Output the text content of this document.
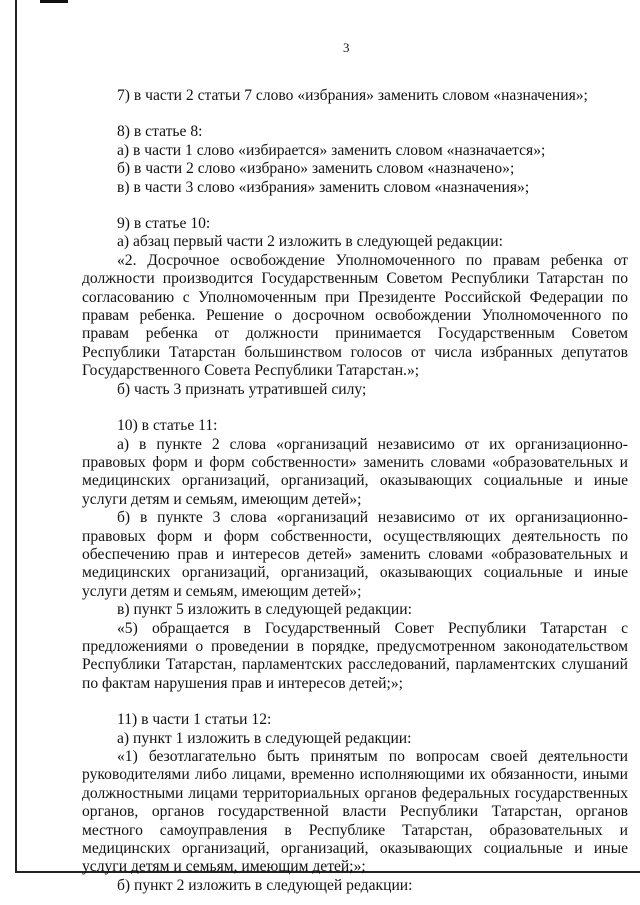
3

7) в части 2 статьи 7 слово «избрания» заменить словом «назначения»;

8) в статье 8:

а) в части 1 слово «избирается» заменить словом «назначается»;

б) в части 2 слово «избрано» заменить словом «назначено»;

в) в части 3 слово «избрания» заменить словом «назначения»;

9) в статье 10:

а) абзац первый части 2 изложить в следующей редакции:

«2. Досрочное освобождение Уполномоченного по правам ребенка от должности производится Государственным Советом Республики Татарстан по согласованию с Уполномоченным при Президенте Российской Федерации по правам ребенка. Решение о досрочном освобождении Уполномоченного по правам ребенка от должности принимается Государственным Советом Республики Татарстан большинством голосов от числа избранных депутатов Государственного Совета Республики Татарстан.»;

б) часть 3 признать утратившей силу;

10) в статье 11:

а) в пункте 2 слова «организаций независимо от их организационно-правовых форм и форм собственности» заменить словами «образовательных и медицинских организаций, организаций, оказывающих социальные и иные услуги детям и семьям, имеющим детей»;

б) в пункте 3 слова «организаций независимо от их организационно-правовых форм и форм собственности, осуществляющих деятельность по обеспечению прав и интересов детей» заменить словами «образовательных и медицинских организаций, организаций, оказывающих социальные и иные услуги детям и семьям, имеющим детей»;

в) пункт 5 изложить в следующей редакции:

«5) обращается в Государственный Совет Республики Татарстан с предложениями о проведении в порядке, предусмотренном законодательством Республики Татарстан, парламентских расследований, парламентских слушаний по фактам нарушения прав и интересов детей;»;

11) в части 1 статьи 12:

а) пункт 1 изложить в следующей редакции:

«1) безотлагательно быть принятым по вопросам своей деятельности руководителями либо лицами, временно исполняющими их обязанности, иными должностными лицами территориальных органов федеральных государственных органов, органов государственной власти Республики Татарстан, органов местного самоуправления в Республике Татарстан, образовательных и медицинских организаций, организаций, оказывающих социальные и иные услуги детям и семьям, имеющим детей;»;

б) пункт 2 изложить в следующей редакции:
